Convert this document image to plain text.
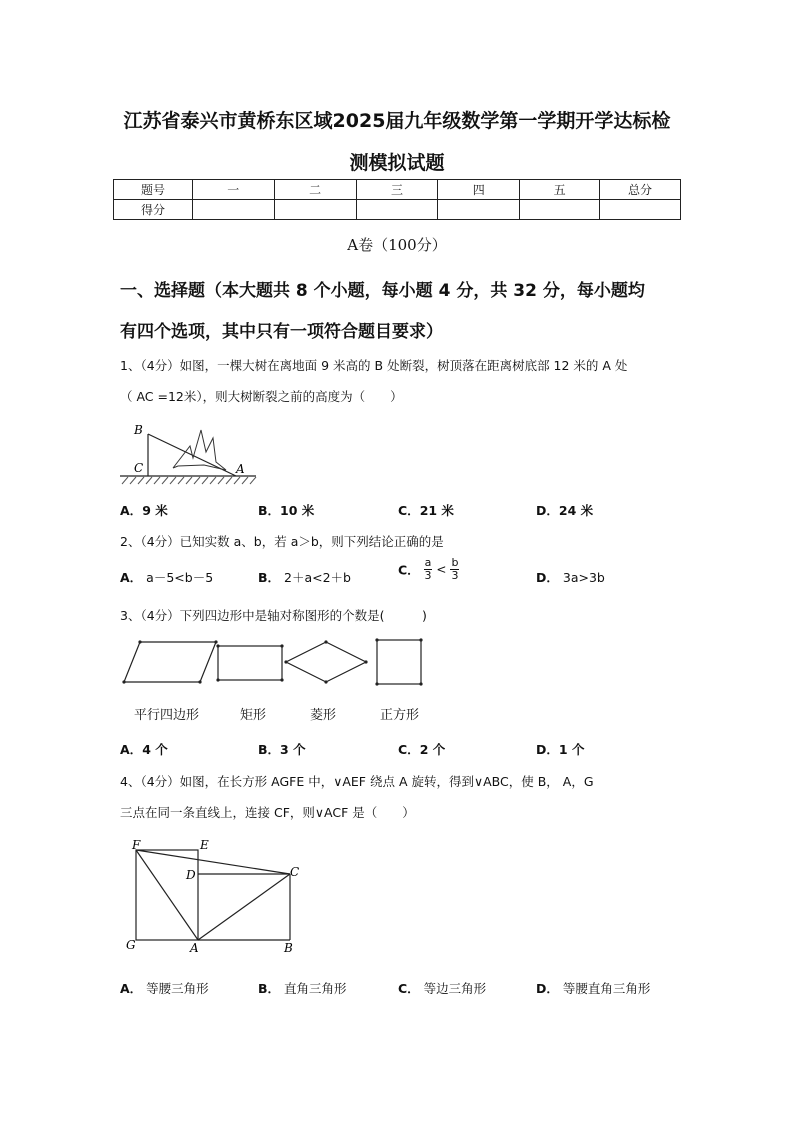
江苏省泰兴市黄桥东区域2025届九年级数学第一学期开学达标检
测模拟试题
题号	一	二	三	四	五	总分
得分						
A卷（100分）
一、选择题（本大题共 8 个小题，每小题 4 分，共 32 分，每小题均
有四个选项，其中只有一项符合题目要求）
1、（4分）如图，一棵大树在离地面 9 米高的 B 处断裂，树顶落在距离树底部 12 米的 A 处
（ AC =12米），则大树断裂之前的高度为（　　）
B
C	A
A．9 米	B．10 米	C．21 米	D．24 米
2、（4分）已知实数 a、b，若 a＞b，则下列结论正确的是
A． a－5<b－5	B． 2＋a<2＋b	C． $\frac{a}{3} < \frac{b}{3}$	D． 3a>3b
3、（4分）下列四边形中是轴对称图形的个数是(　　　)
平行四边形	矩形	菱形	正方形
A．4 个	B．3 个	C．2 个	D．1 个
4、（4分）如图，在长方形 AGFE 中，∨AEF 绕点 A 旋转，得到∨ABC，使 B， A，G
三点在同一条直线上，连接 CF，则∨ACF 是（　　）
F	E
D	C
G	A	B
A． 等腰三角形	B． 直角三角形	C． 等边三角形	D． 等腰直角三角形
